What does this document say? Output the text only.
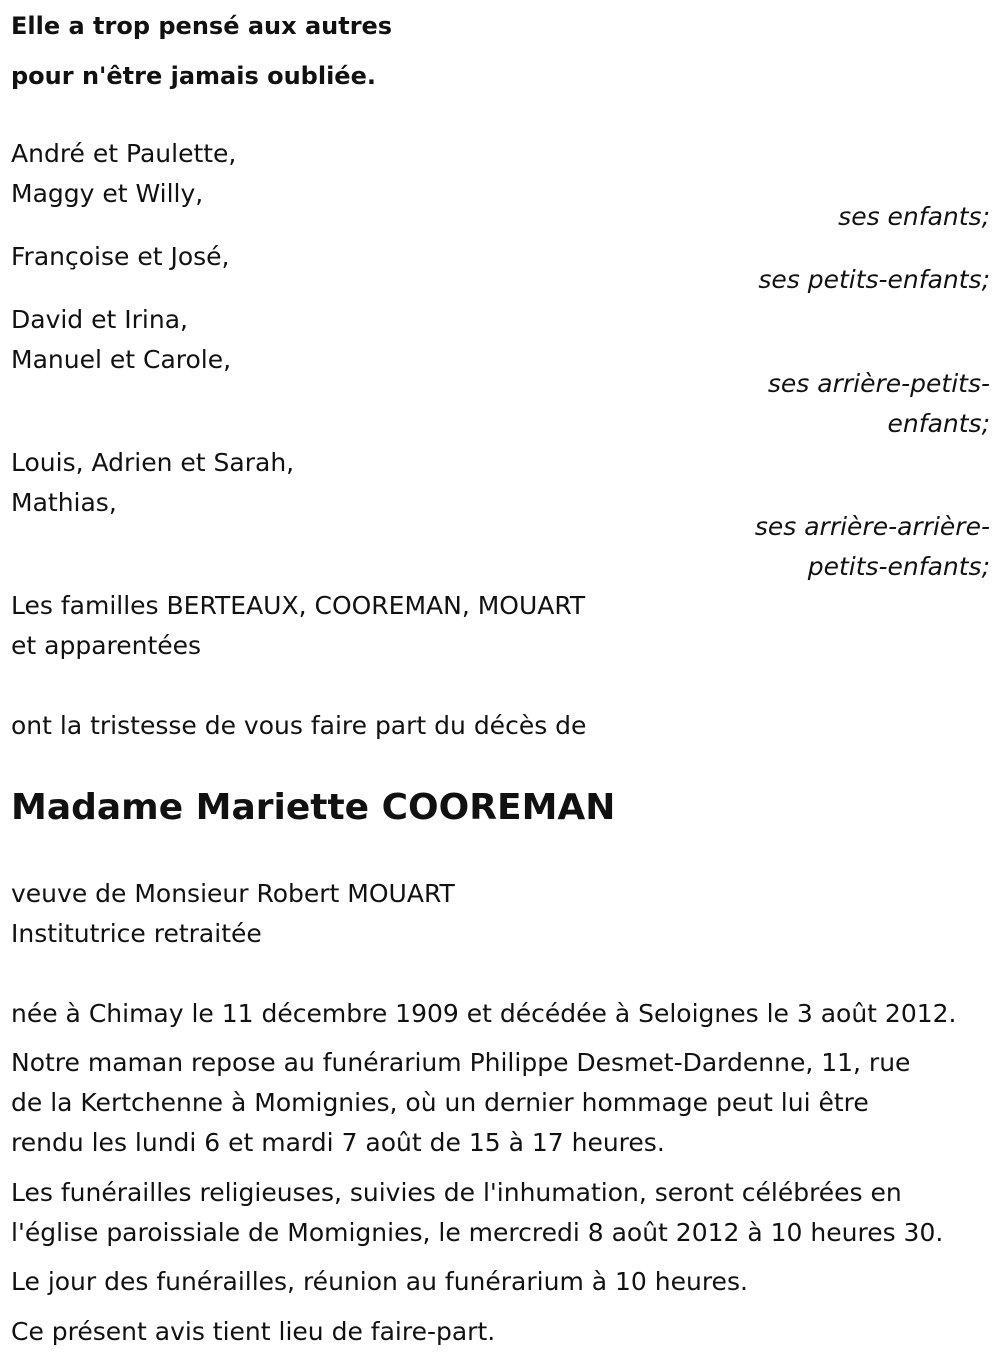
Elle a trop pensé aux autres
pour n'être jamais oubliée.
André et Paulette,
Maggy et Willy,
ses enfants;
Françoise et José,
ses petits-enfants;
David et Irina,
Manuel et Carole,
ses arrière-petits-
enfants;
Louis, Adrien et Sarah,
Mathias,
ses arrière-arrière-
petits-enfants;
Les familles BERTEAUX, COOREMAN, MOUART
et apparentées
ont la tristesse de vous faire part du décès de
Madame Mariette COOREMAN
veuve de Monsieur Robert MOUART
Institutrice retraitée
née à Chimay le 11 décembre 1909 et décédée à Seloignes le 3 août 2012.
Notre maman repose au funérarium Philippe Desmet-Dardenne, 11, rue
de la Kertchenne à Momignies, où un dernier hommage peut lui être
rendu les lundi 6 et mardi 7 août de 15 à 17 heures.
Les funérailles religieuses, suivies de l'inhumation, seront célébrées en
l'église paroissiale de Momignies, le mercredi 8 août 2012 à 10 heures 30.
Le jour des funérailles, réunion au funérarium à 10 heures.
Ce présent avis tient lieu de faire-part.
